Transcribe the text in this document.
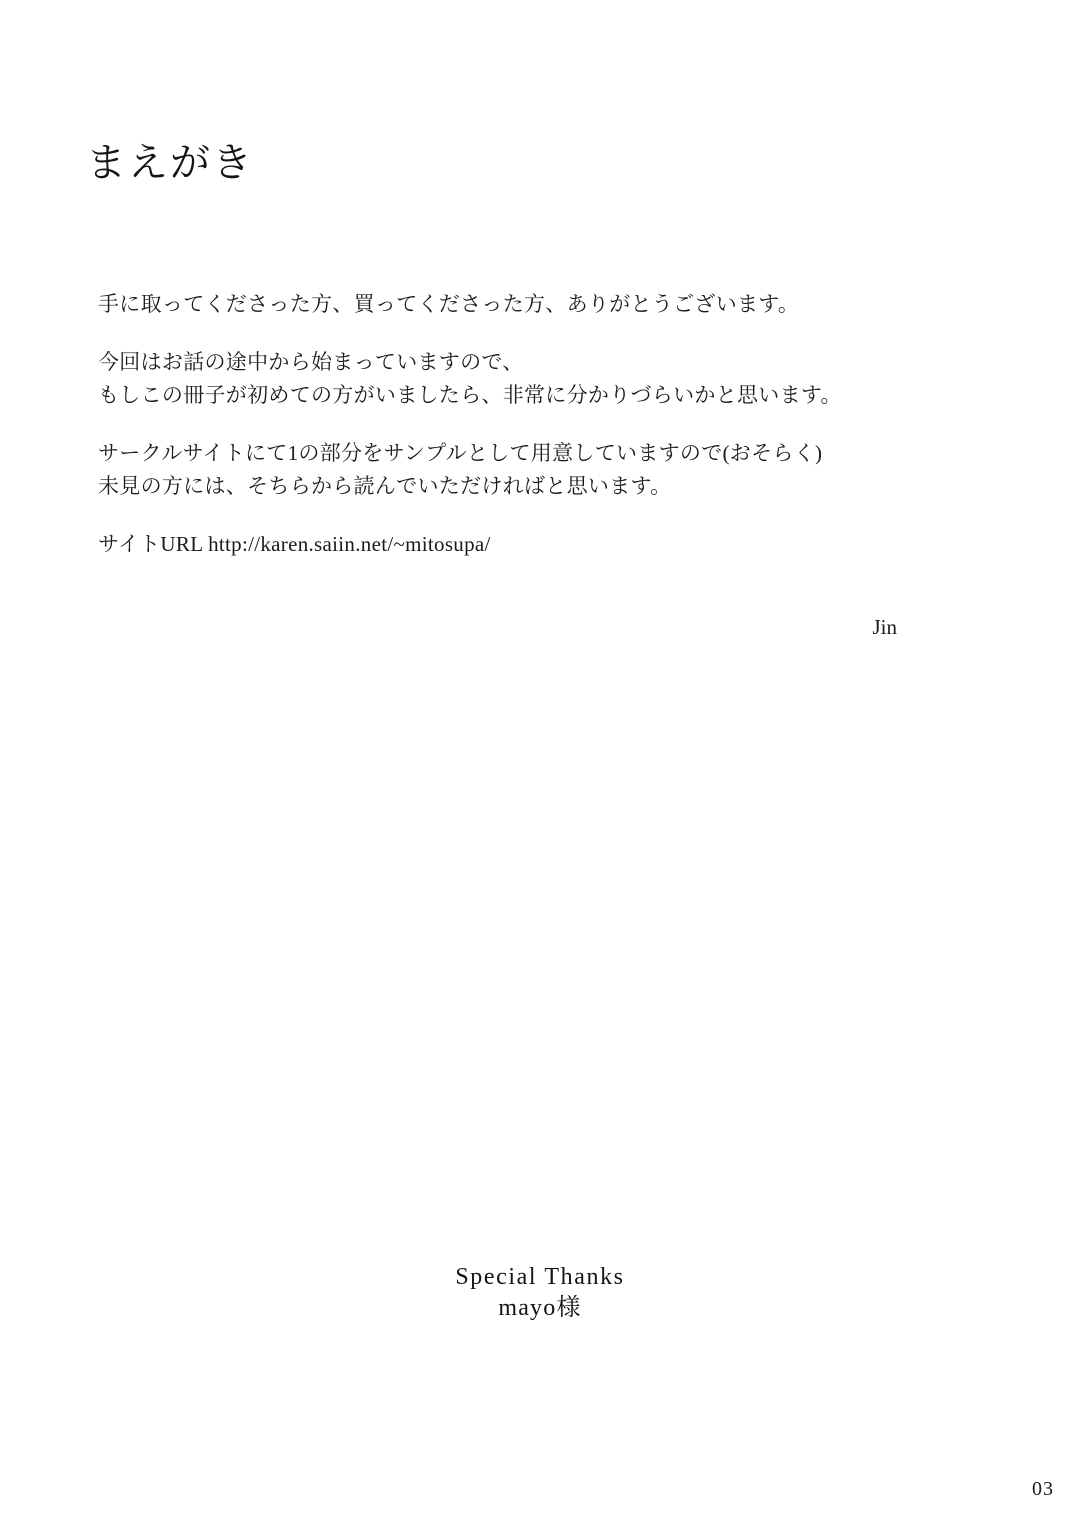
まえがき

手に取ってくださった方、買ってくださった方、ありがとうございます。

今回はお話の途中から始まっていますので、
もしこの冊子が初めての方がいましたら、非常に分かりづらいかと思います。

サークルサイトにて1の部分をサンプルとして用意していますので(おそらく)
未見の方には、そちらから読んでいただければと思います。

サイトURL http://karen.saiin.net/~mitosupa/

Jin
Special Thanks
mayo様
03
